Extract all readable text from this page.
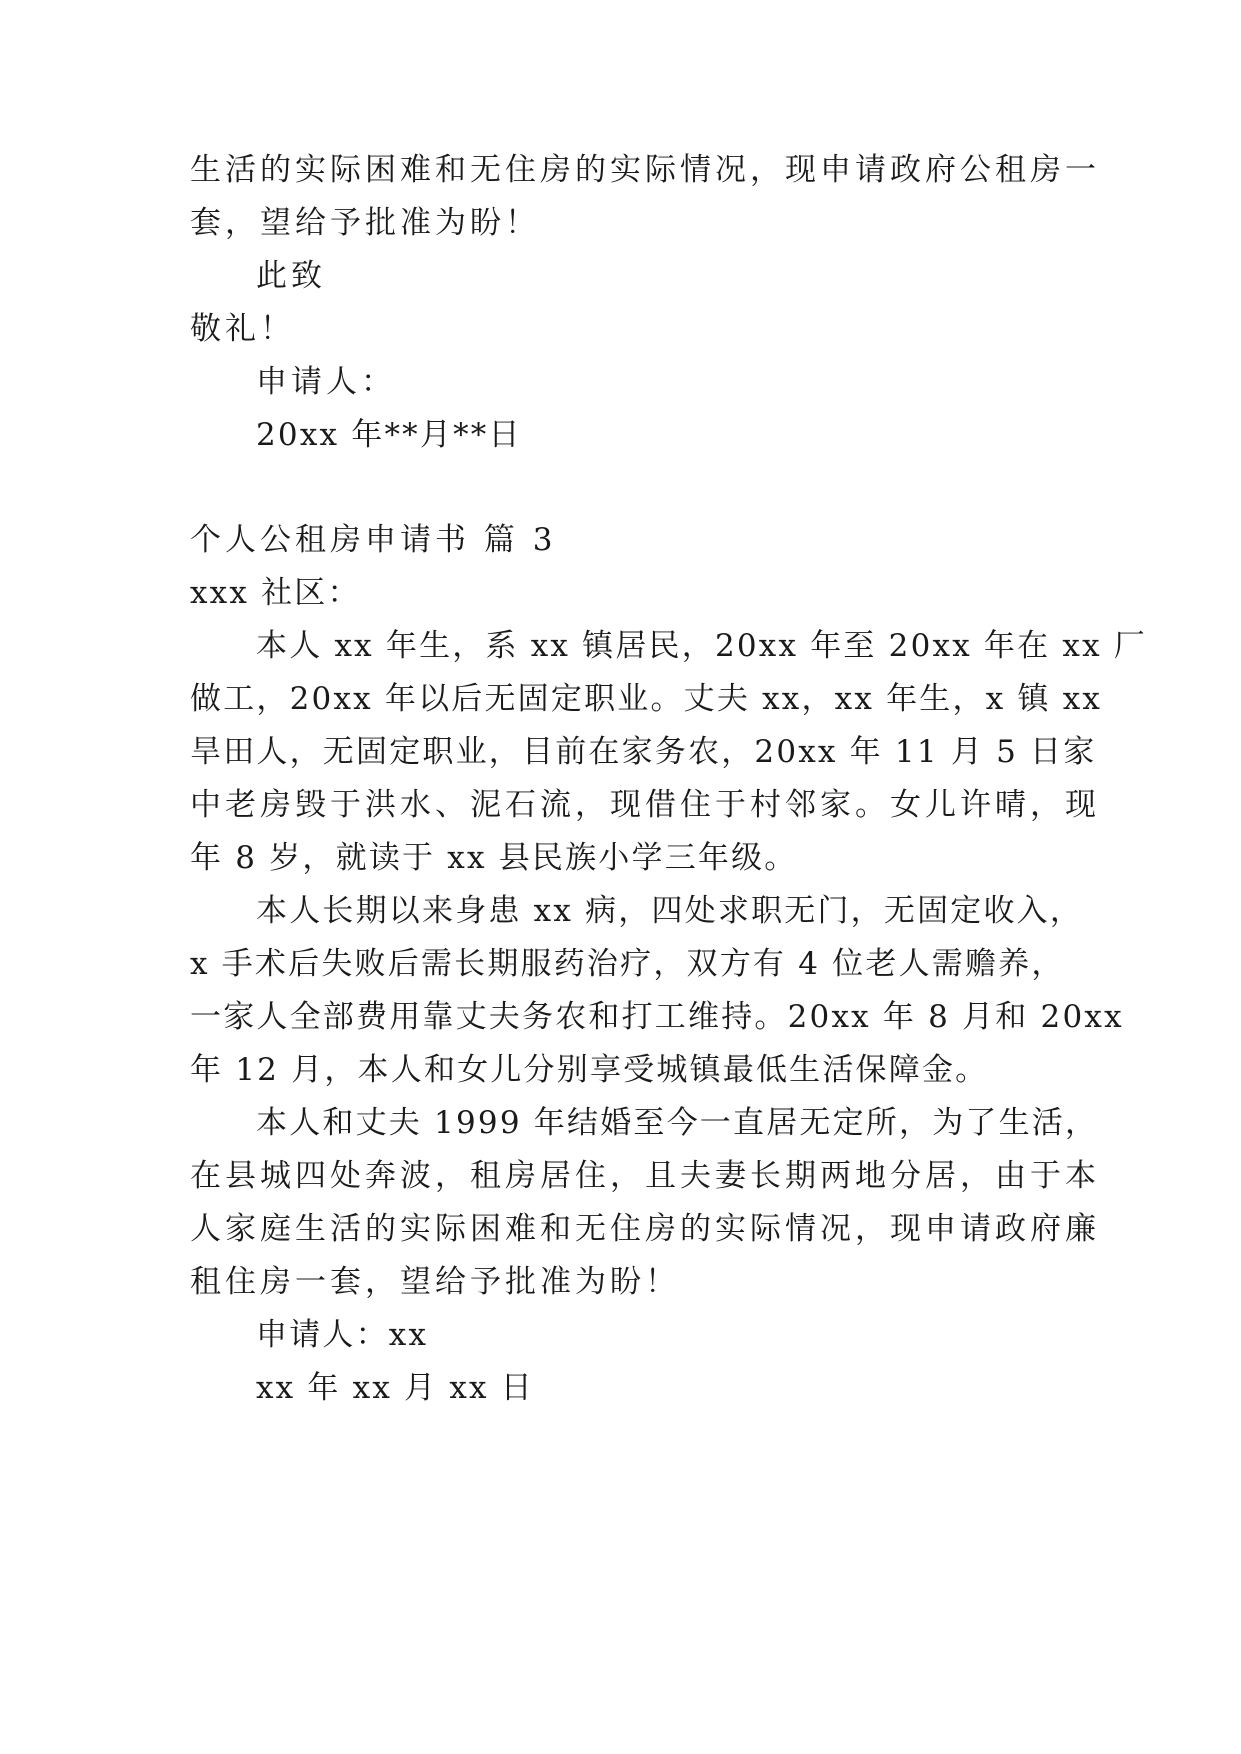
生活的实际困难和无住房的实际情况，现申请政府公租房一
套，望给予批准为盼！
此致
敬礼！
申请人：
20xx 年**月**日
个人公租房申请书 篇 3
xxx 社区：
本人 xx 年生，系 xx 镇居民，20xx 年至 20xx 年在 xx 厂
做工，20xx 年以后无固定职业。丈夫 xx，xx 年生，x 镇 xx
旱田人，无固定职业，目前在家务农，20xx 年 11 月 5 日家
中老房毁于洪水、泥石流，现借住于村邻家。女儿许晴，现
年 8 岁，就读于 xx 县民族小学三年级。
本人长期以来身患 xx 病，四处求职无门，无固定收入，
x 手术后失败后需长期服药治疗，双方有 4 位老人需赡养，
一家人全部费用靠丈夫务农和打工维持。20xx 年 8 月和 20xx
年 12 月，本人和女儿分别享受城镇最低生活保障金。
本人和丈夫 1999 年结婚至今一直居无定所，为了生活，
在县城四处奔波，租房居住，且夫妻长期两地分居，由于本
人家庭生活的实际困难和无住房的实际情况，现申请政府廉
租住房一套，望给予批准为盼！
申请人：xx
xx 年 xx 月 xx 日
